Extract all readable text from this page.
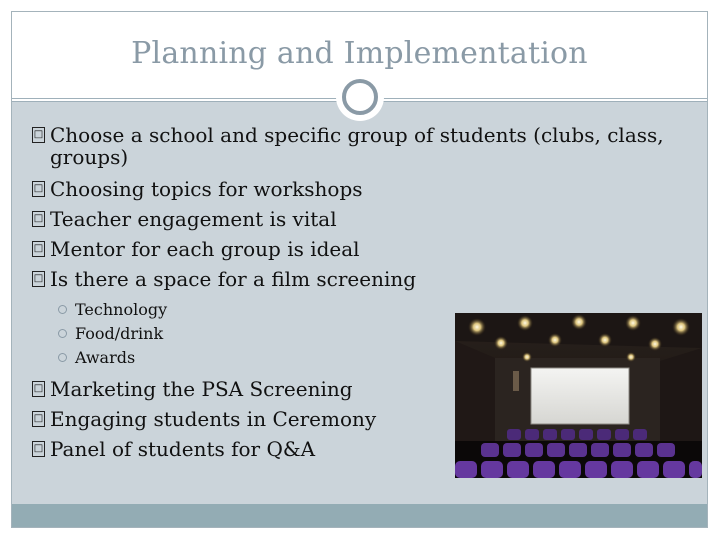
Planning and Implementation
□ Choose a school and specific group of students (clubs, class, groups)
□ Choosing topics for workshops
□ Teacher engagement is vital
□ Mentor for each group is ideal
□ Is there a space for a film screening
Technology
Food/drink
Awards
□ Marketing the PSA Screening
□ Engaging students in Ceremony
□ Panel of students for Q&A
